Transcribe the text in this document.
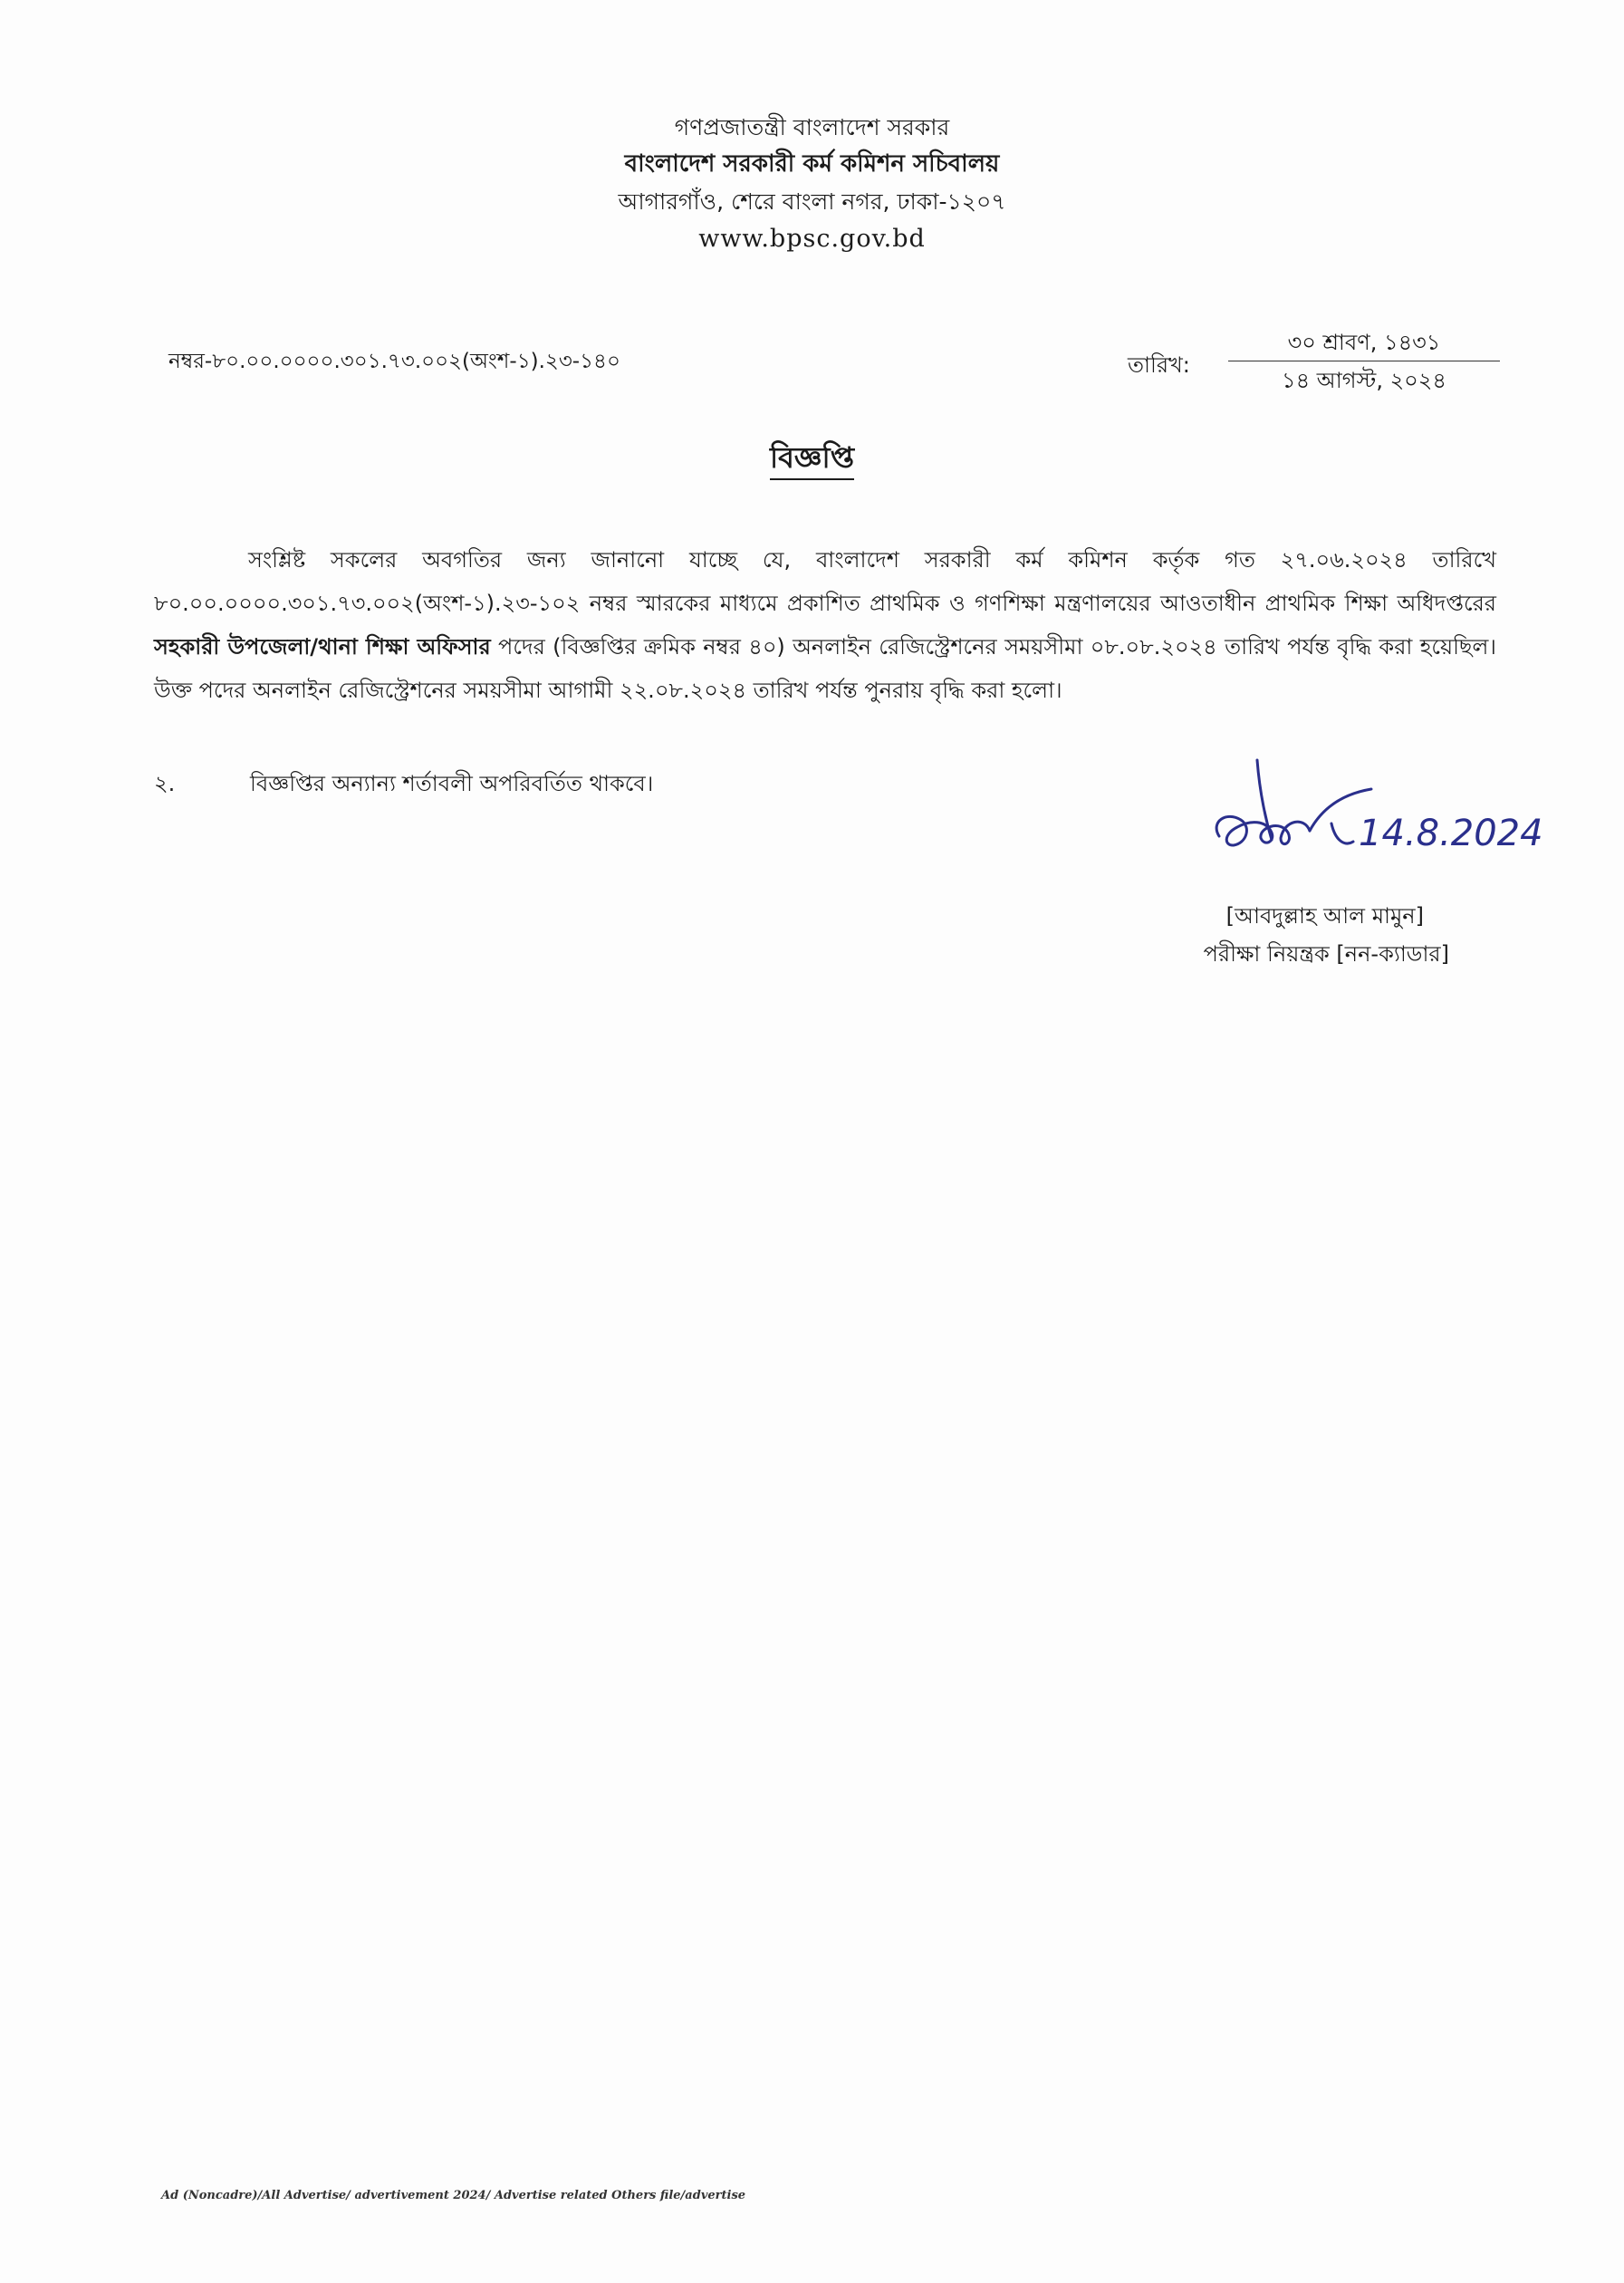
গণপ্রজাতন্ত্রী বাংলাদেশ সরকার
বাংলাদেশ সরকারী কর্ম কমিশন সচিবালয়
আগারগাঁও, শেরে বাংলা নগর, ঢাকা-১২০৭
www.bpsc.gov.bd
নম্বর-৮০.০০.০০০০.৩০১.৭৩.০০২(অংশ-১).২৩-১৪০	তারিখ:
৩০ শ্রাবণ, ১৪৩১
১৪ আগস্ট, ২০২৪
বিজ্ঞপ্তি

সংশ্লিষ্ট সকলের অবগতির জন্য জানানো যাচ্ছে যে, বাংলাদেশ সরকারী কর্ম কমিশন কর্তৃক গত ২৭.০৬.২০২৪ তারিখে ৮০.০০.০০০০.৩০১.৭৩.০০২(অংশ-১).২৩-১০২ নম্বর স্মারকের মাধ্যমে প্রকাশিত প্রাথমিক ও গণশিক্ষা মন্ত্রণালয়ের আওতাধীন প্রাথমিক শিক্ষা অধিদপ্তরের সহকারী উপজেলা/থানা শিক্ষা অফিসার পদের (বিজ্ঞপ্তির ক্রমিক নম্বর ৪০) অনলাইন রেজিস্ট্রেশনের সময়সীমা ০৮.০৮.২০২৪ তারিখ পর্যন্ত বৃদ্ধি করা হয়েছিল। উক্ত পদের অনলাইন রেজিস্ট্রেশনের সময়সীমা আগামী ২২.০৮.২০২৪ তারিখ পর্যন্ত পুনরায় বৃদ্ধি করা হলো।

২.	বিজ্ঞপ্তির অন্যান্য শর্তাবলী অপরিবর্তিত থাকবে।
14.8.2024
[আবদুল্লাহ আল মামুন]
পরীক্ষা নিয়ন্ত্রক [নন-ক্যাডার]
Ad (Noncadre)/All Advertise/ advertivement 2024/ Advertise related Others file/advertise
